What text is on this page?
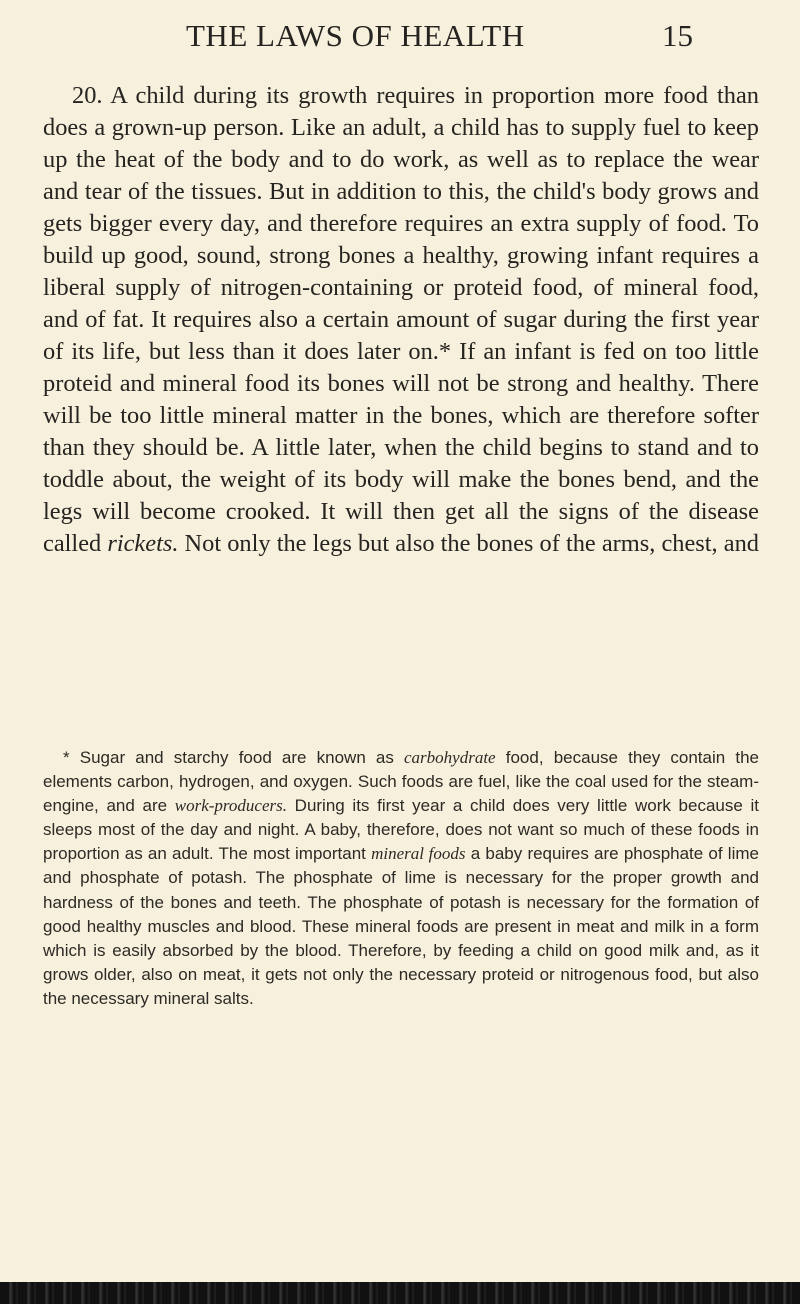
THE LAWS OF HEALTH	15

20. A child during its growth requires in proportion more food than does a grown-up person. Like an adult, a child has to supply fuel to keep up the heat of the body and to do work, as well as to replace the wear and tear of the tissues. But in addition to this, the child's body grows and gets bigger every day, and therefore requires an extra supply of food. To build up good, sound, strong bones a healthy, growing infant requires a liberal supply of nitrogen-containing or proteid food, of mineral food, and of fat. It requires also a certain amount of sugar during the first year of its life, but less than it does later on.* If an infant is fed on too little proteid and mineral food its bones will not be strong and healthy. There will be too little mineral matter in the bones, which are therefore softer than they should be. A little later, when the child begins to stand and to toddle about, the weight of its body will make the bones bend, and the legs will become crooked. It will then get all the signs of the disease called rickets. Not only the legs but also the bones of the arms, chest, and

* Sugar and starchy food are known as carbohydrate food, because they contain the elements carbon, hydrogen, and oxygen. Such foods are fuel, like the coal used for the steam-engine, and are work-producers. During its first year a child does very little work because it sleeps most of the day and night. A baby, therefore, does not want so much of these foods in proportion as an adult. The most important mineral foods a baby requires are phosphate of lime and phosphate of potash. The phosphate of lime is necessary for the proper growth and hardness of the bones and teeth. The phosphate of potash is necessary for the formation of good healthy muscles and blood. These mineral foods are present in meat and milk in a form which is easily absorbed by the blood. Therefore, by feeding a child on good milk and, as it grows older, also on meat, it gets not only the necessary proteid or nitrogenous food, but also the necessary mineral salts.
